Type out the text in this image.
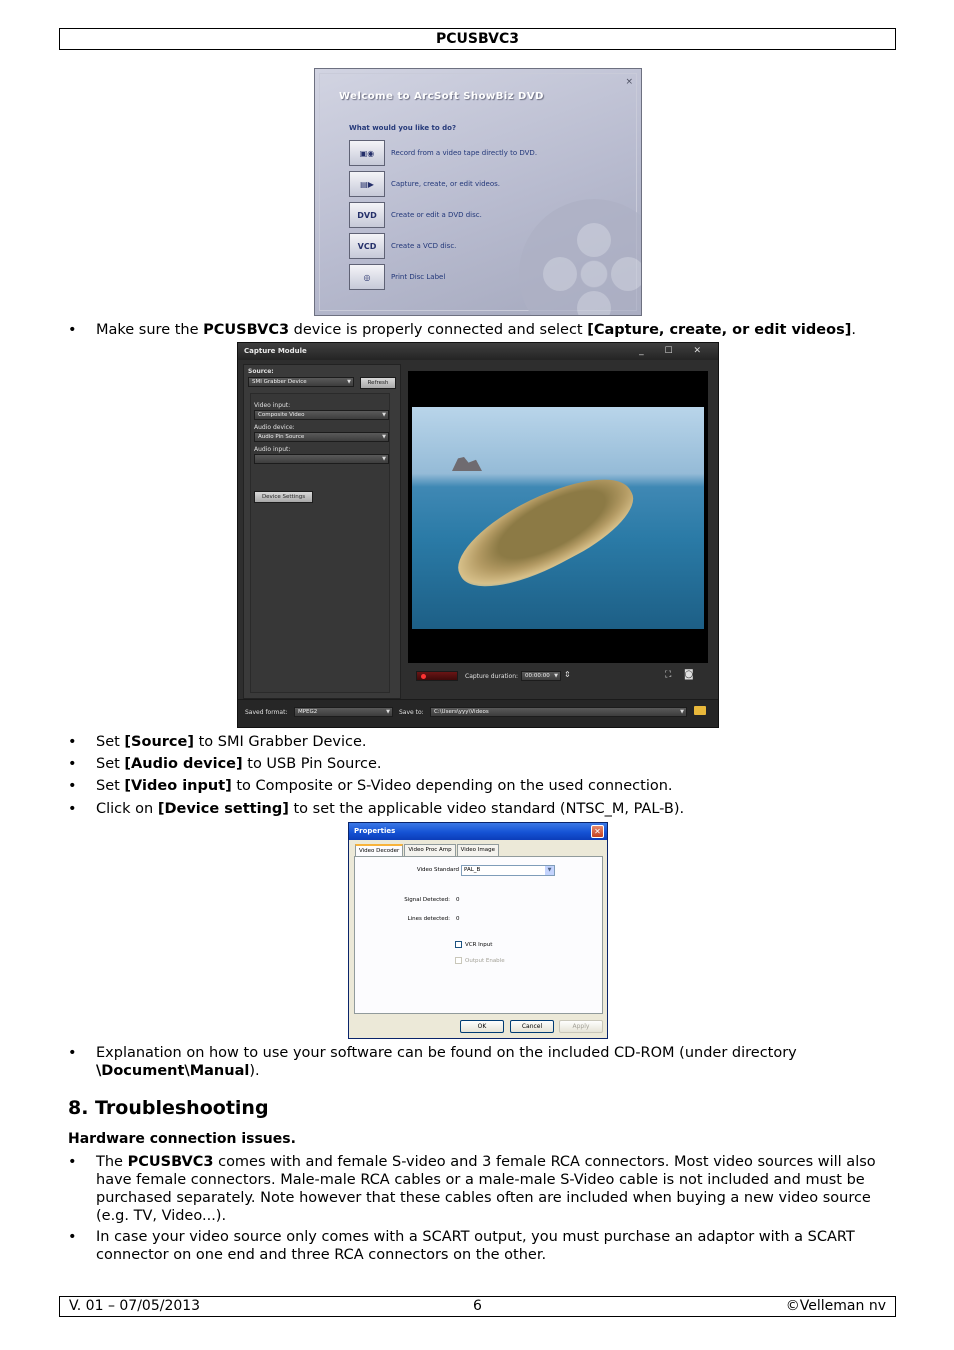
PCUSBVC3
Welcome to ArcSoft ShowBiz DVD
×
What would you like to do?
▣◉	Record from a video tape directly to DVD.
▤▶	Capture, create, or edit videos.
DVD	Create or edit a DVD disc.
VCD	Create a VCD disc.
◎	Print Disc Label
Make sure the PCUSBVC3 device is properly connected and select [Capture, create, or edit videos].
Capture Module	_ ☐ ✕
Source:
SMI Grabber Device ▼	Refresh
Video input:
Composite Video ▼
Audio device:
Audio Pin Source ▼
Audio input:
▼
Device Settings
Capture duration:	00:00:00 ▼	⇕	⛶ ◙
Saved format:	MPEG2 ▼	Save to:	C:\Users\yyy\Videos ▼
Set [Source] to SMI Grabber Device.
Set [Audio device] to USB Pin Source.
Set [Video input] to Composite or S-Video depending on the used connection.
Click on [Device setting] to set the applicable video standard (NTSC_M, PAL-B).
Properties	✕
Video Decoder	Video Proc Amp	Video Image
Video Standard PAL_B ▼
Signal Detected: 0
Lines detected: 0
VCR Input
Output Enable
OK	Cancel	Apply
Explanation on how to use your software can be found on the included CD-ROM (under directory \Document\Manual).
8. Troubleshooting
Hardware connection issues.
The PCUSBVC3 comes with and female S-video and 3 female RCA connectors. Most video sources will also have female connectors. Male-male RCA cables or a male-male S-Video cable is not included and must be purchased separately. Note however that these cables often are included when buying a new video source (e.g. TV, Video...).
In case your video source only comes with a SCART output, you must purchase an adaptor with a SCART connector on one end and three RCA connectors on the other.
V. 01 – 07/05/2013	6	©Velleman nv
